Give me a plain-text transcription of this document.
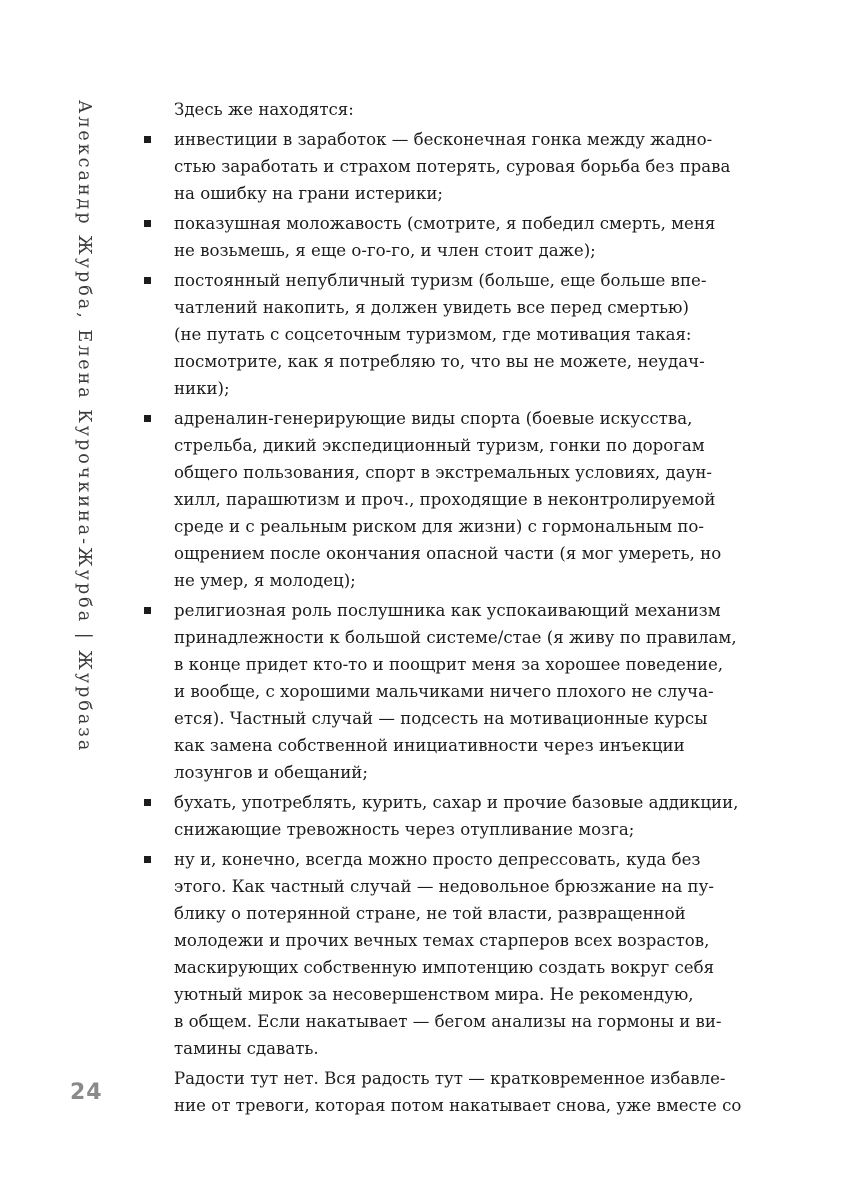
Александр Журба, Елена Курочкина-Журба | Журбаза
24

Здесь же находятся:

инвестиции в заработок — бесконечная гонка между жадно-
стью заработать и страхом потерять, суровая борьба без права
на ошибку на грани истерики;
показушная моложавость (смотрите, я победил смерть, меня
не возьмешь, я еще о-го-го, и член стоит даже);
постоянный непубличный туризм (больше, еще больше впе-
чатлений накопить, я должен увидеть все перед смертью)
(не путать с соцсеточным туризмом, где мотивация такая:
посмотрите, как я потребляю то, что вы не можете, неудач-
ники);
адреналин-генерирующие виды спорта (боевые искусства,
стрельба, дикий экспедиционный туризм, гонки по дорогам
общего пользования, спорт в экстремальных условиях, даун-
хилл, парашютизм и проч., проходящие в неконтролируемой
среде и с реальным риском для жизни) с гормональным по-
ощрением после окончания опасной части (я мог умереть, но
не умер, я молодец);
религиозная роль послушника как успокаивающий механизм
принадлежности к большой системе/стае (я живу по правилам,
в конце придет кто-то и поощрит меня за хорошее поведение,
и вообще, с хорошими мальчиками ничего плохого не случа-
ется). Частный случай — подсесть на мотивационные курсы
как замена собственной инициативности через инъекции
лозунгов и обещаний;
бухать, употреблять, курить, сахар и прочие базовые аддикции,
снижающие тревожность через отупливание мозга;
ну и, конечно, всегда можно просто депрессовать, куда без
этого. Как частный случай — недовольное брюзжание на пу-
блику о потерянной стране, не той власти, развращенной
молодежи и прочих вечных темах старперов всех возрастов,
маскирующих собственную импотенцию создать вокруг себя
уютный мирок за несовершенством мира. Не рекомендую,
в общем. Если накатывает — бегом анализы на гормоны и ви-
тамины сдавать.

Радости тут нет. Вся радость тут — кратковременное избавле-
ние от тревоги, которая потом накатывает снова, уже вместе со
